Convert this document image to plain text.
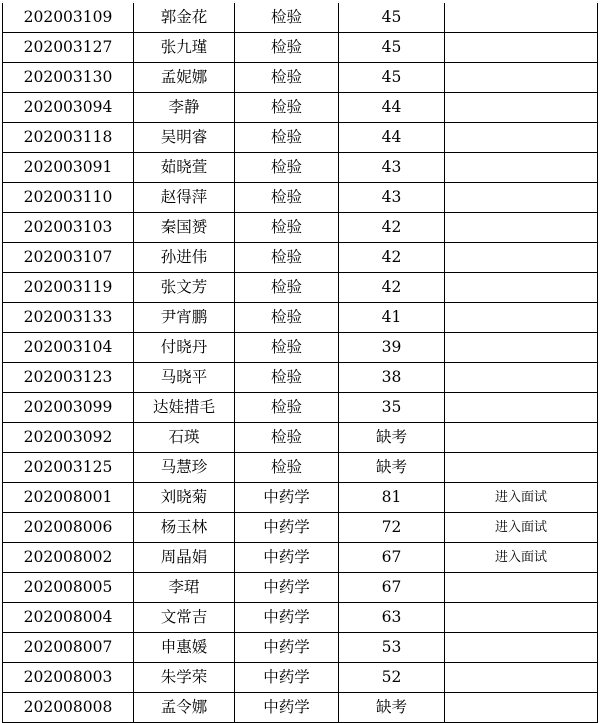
202003109	郭金花	检验	45	
202003127	张九瑾	检验	45	
202003130	孟妮娜	检验	45	
202003094	李静	检验	44	
202003118	吴明睿	检验	44	
202003091	茹晓萱	检验	43	
202003110	赵得萍	检验	43	
202003103	秦国赟	检验	42	
202003107	孙进伟	检验	42	
202003119	张文芳	检验	42	
202003133	尹宵鹏	检验	41	
202003104	付晓丹	检验	39	
202003123	马晓平	检验	38	
202003099	达娃措毛	检验	35	
202003092	石瑛	检验	缺考	
202003125	马慧珍	检验	缺考	
202008001	刘晓菊	中药学	81	进入面试
202008006	杨玉林	中药学	72	进入面试
202008002	周晶娟	中药学	67	进入面试
202008005	李珺	中药学	67	
202008004	文常吉	中药学	63	
202008007	申惠媛	中药学	53	
202008003	朱学荣	中药学	52	
202008008	孟令娜	中药学	缺考	
